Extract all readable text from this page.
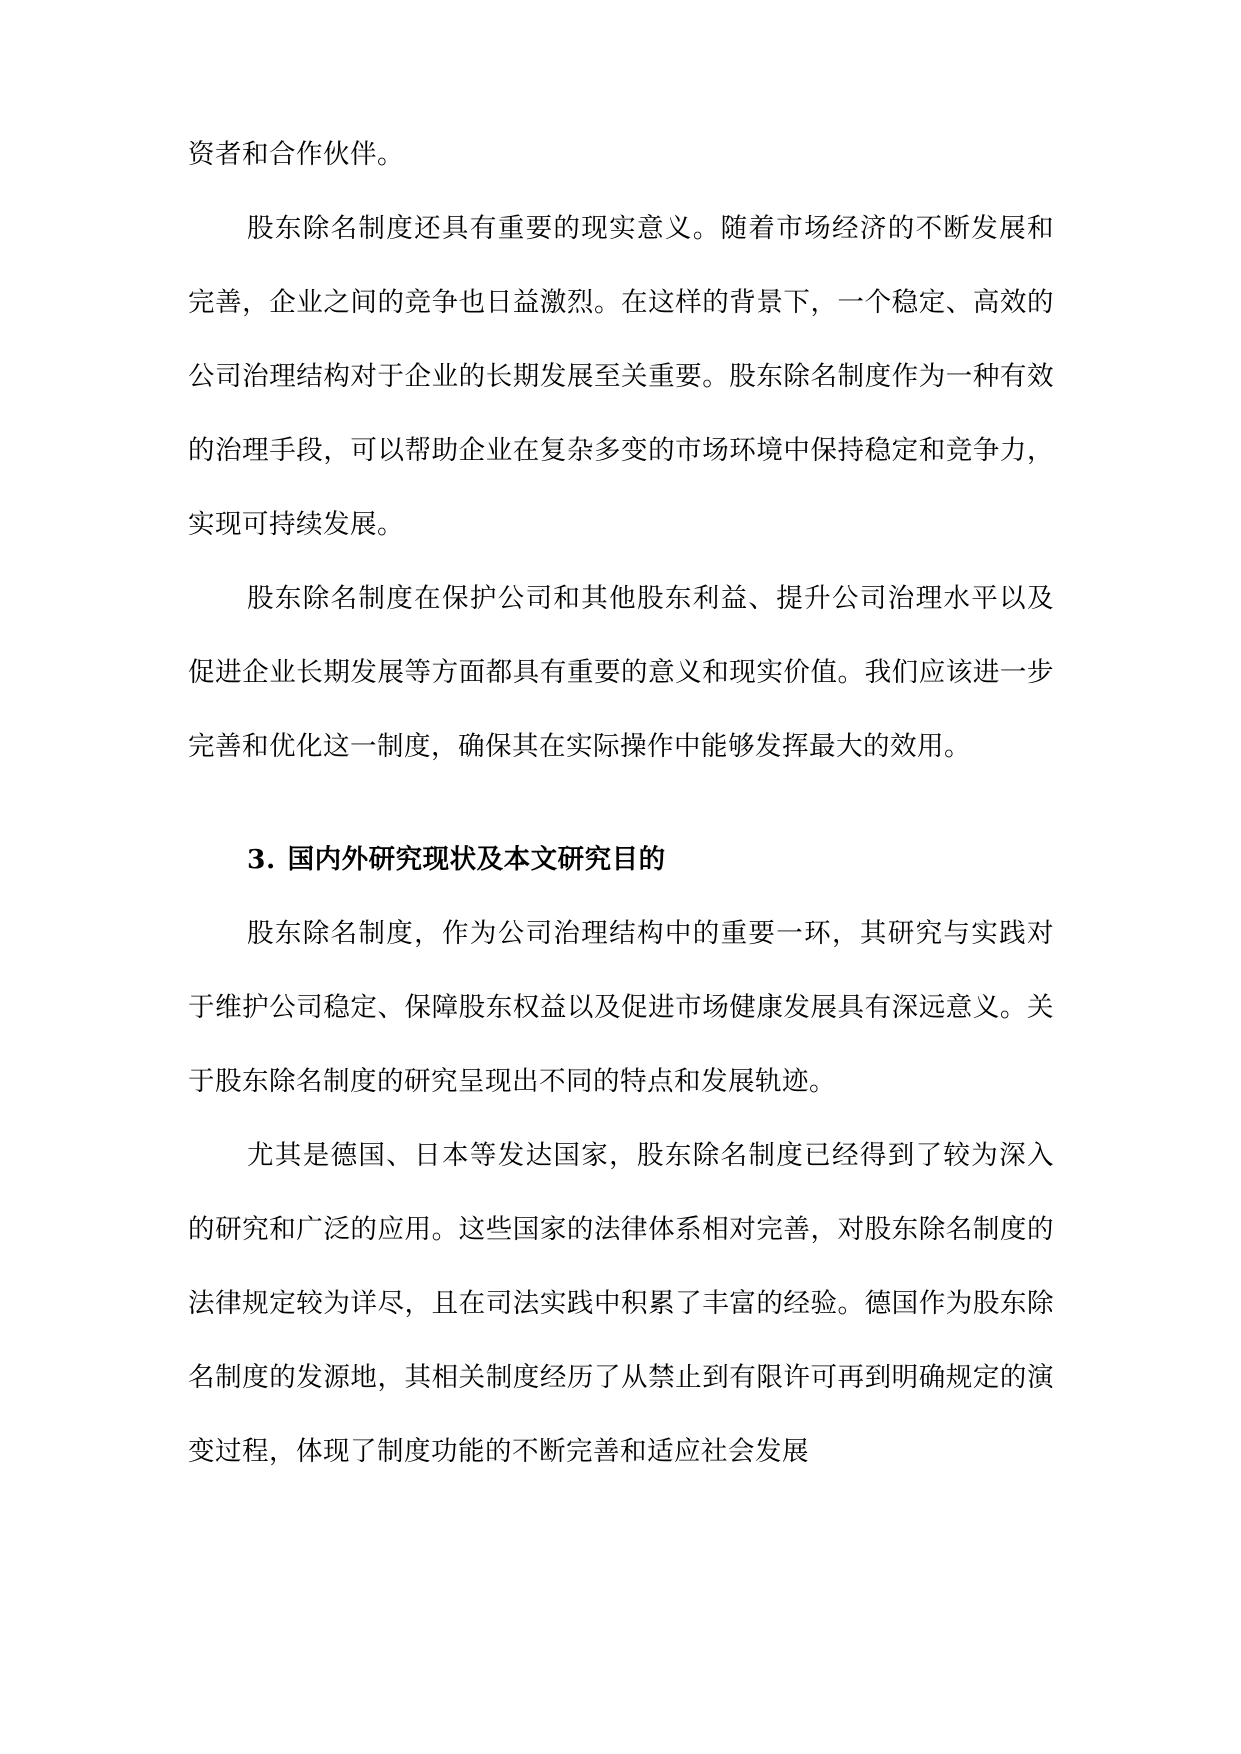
资者和合作伙伴。

股东除名制度还具有重要的现实意义。随着市场经济的不断发展和完善，企业之间的竞争也日益激烈。在这样的背景下，一个稳定、高效的公司治理结构对于企业的长期发展至关重要。股东除名制度作为一种有效的治理手段，可以帮助企业在复杂多变的市场环境中保持稳定和竞争力，实现可持续发展。

股东除名制度在保护公司和其他股东利益、提升公司治理水平以及促进企业长期发展等方面都具有重要的意义和现实价值。我们应该进一步完善和优化这一制度，确保其在实际操作中能够发挥最大的效用。

3. 国内外研究现状及本文研究目的

股东除名制度，作为公司治理结构中的重要一环，其研究与实践对于维护公司稳定、保障股东权益以及促进市场健康发展具有深远意义。关于股东除名制度的研究呈现出不同的特点和发展轨迹。

尤其是德国、日本等发达国家，股东除名制度已经得到了较为深入的研究和广泛的应用。这些国家的法律体系相对完善，对股东除名制度的法律规定较为详尽，且在司法实践中积累了丰富的经验。德国作为股东除名制度的发源地，其相关制度经历了从禁止到有限许可再到明确规定的演变过程，体现了制度功能的不断完善和适应社会发展
